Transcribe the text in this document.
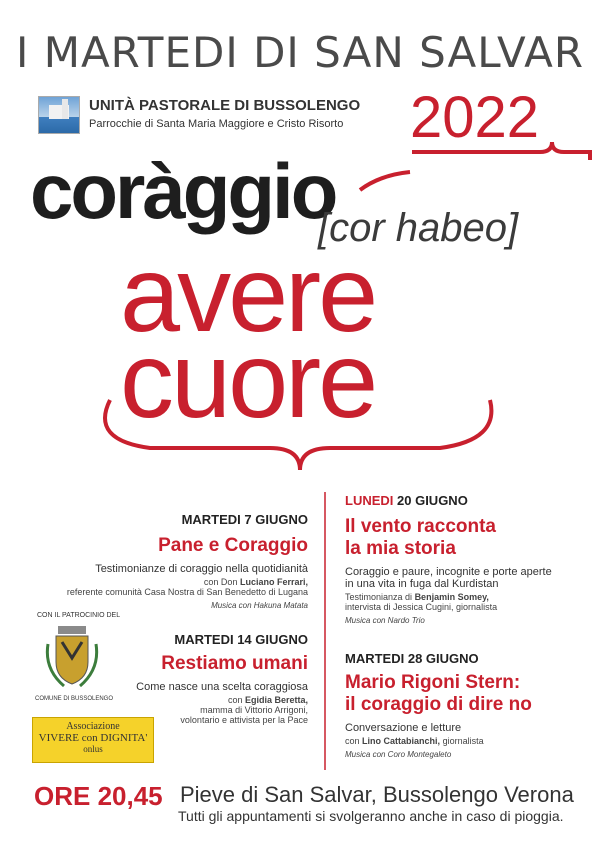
I MARTEDI DI SAN SALVAR
UNITÀ PASTORALE DI BUSSOLENGO
Parrocchie di Santa Maria Maggiore e Cristo Risorto 2022
coràggio
[cor habeo]
avere
cuore
MARTEDI 7 GIUGNO
Pane e Coraggio
Testimonianze di coraggio nella quotidianità
con Don Luciano Ferrari,
referente comunità Casa Nostra di San Benedetto di Lugana
Musica con Hakuna Matata
MARTEDI 14 GIUGNO
Restiamo umani
Come nasce una scelta coraggiosa
con Egidia Beretta,
mamma di Vittorio Arrigoni,
volontario e attivista per la Pace
LUNEDI 20 GIUGNO
Il vento racconta
la mia storia
Coraggio e paure, incognite e porte aperte
in una vita in fuga dal Kurdistan
Testimonianza di Benjamin Somey,
intervista di Jessica Cugini, giornalista
Musica con Nardo Trio
MARTEDI 28 GIUGNO
Mario Rigoni Stern:
il coraggio di dire no
Conversazione e letture
con Lino Cattabianchi, giornalista
Musica con Coro Montegaleto
CON IL PATROCINIO DEL
COMUNE DI BUSSOLENGO
Associazione
VIVERE con DIGNITA'
onlus
ORE 20,45 Pieve di San Salvar, Bussolengo Verona
Tutti gli appuntamenti si svolgeranno anche in caso di pioggia.
